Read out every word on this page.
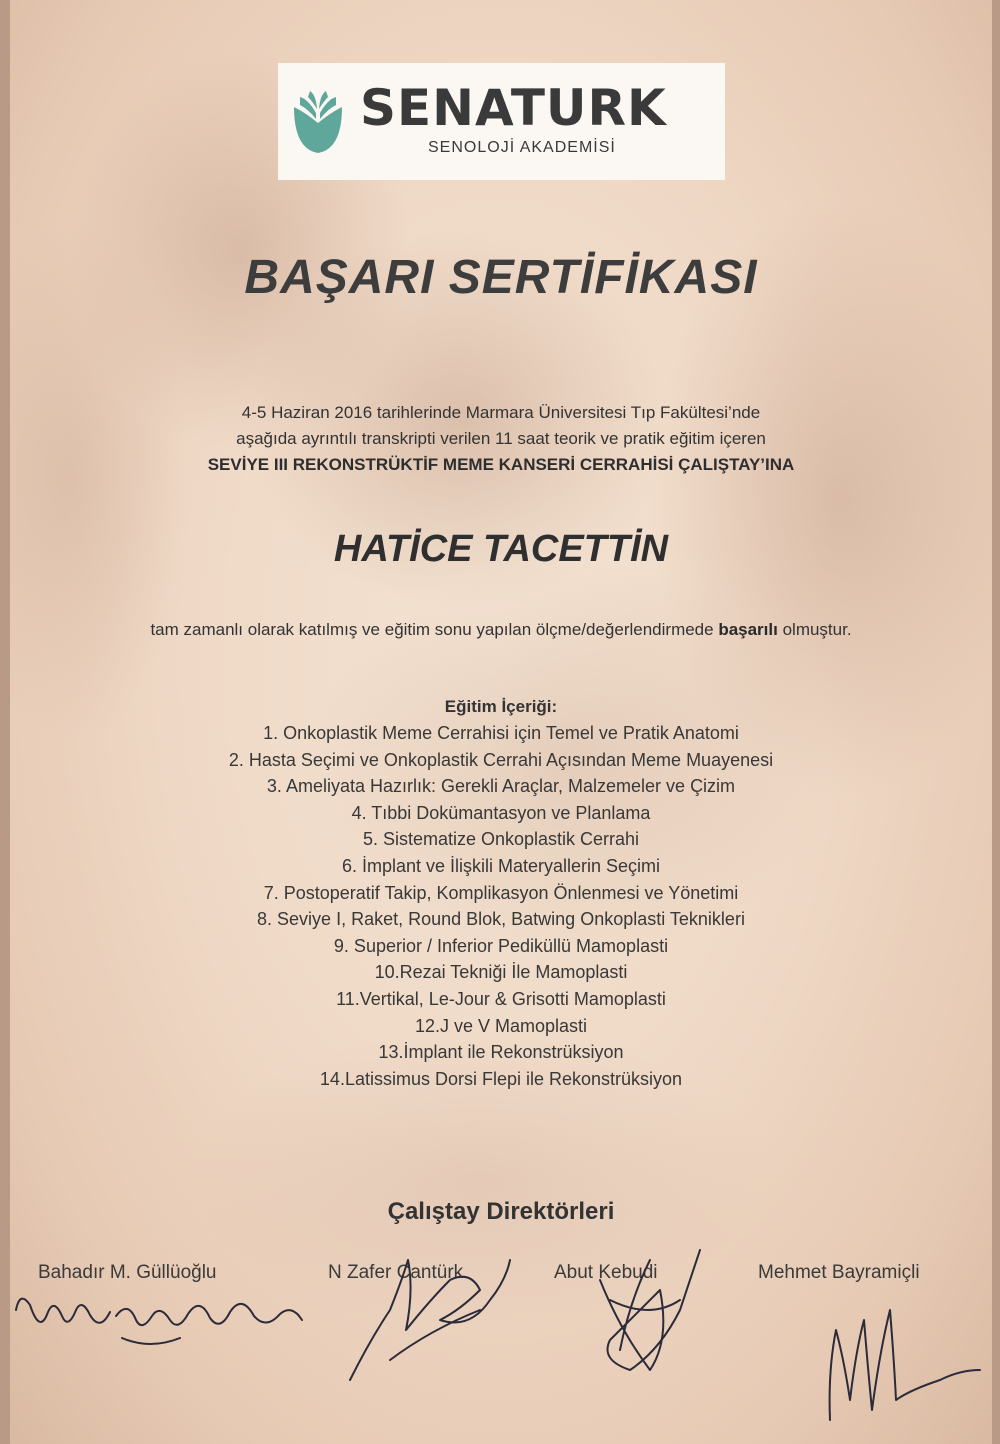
SENATURK
SENOLOJİ AKADEMİSİ
BAŞARI SERTİFİKASI
4-5 Haziran 2016 tarihlerinde Marmara Üniversitesi Tıp Fakültesi’nde
aşağıda ayrıntılı transkripti verilen 11 saat teorik ve pratik eğitim içeren
SEVİYE III REKONSTRÜKTİF MEME KANSERİ CERRAHİSİ ÇALIŞTAY’INA
HATİCE TACETTİN
tam zamanlı olarak katılmış ve eğitim sonu yapılan ölçme/değerlendirmede başarılı olmuştur.
Eğitim İçeriği:
1. Onkoplastik Meme Cerrahisi için Temel ve Pratik Anatomi
2. Hasta Seçimi ve Onkoplastik Cerrahi Açısından Meme Muayenesi
3. Ameliyata Hazırlık: Gerekli Araçlar, Malzemeler ve Çizim
4. Tıbbi Dokümantasyon ve Planlama
5. Sistematize Onkoplastik Cerrahi
6. İmplant ve İlişkili Materyallerin Seçimi
7. Postoperatif Takip, Komplikasyon Önlenmesi ve Yönetimi
8. Seviye I, Raket, Round Blok, Batwing Onkoplasti Teknikleri
9. Superior / Inferior Pediküllü Mamoplasti
10.Rezai Tekniği İle Mamoplasti
11.Vertikal, Le-Jour & Grisotti Mamoplasti
12.J ve V Mamoplasti
13.İmplant ile Rekonstrüksiyon
14.Latissimus Dorsi Flepi ile Rekonstrüksiyon
Çalıştay Direktörleri
Bahadır M. Güllüoğlu	N Zafer Cantürk	Abut Kebudi	Mehmet Bayramiçli
